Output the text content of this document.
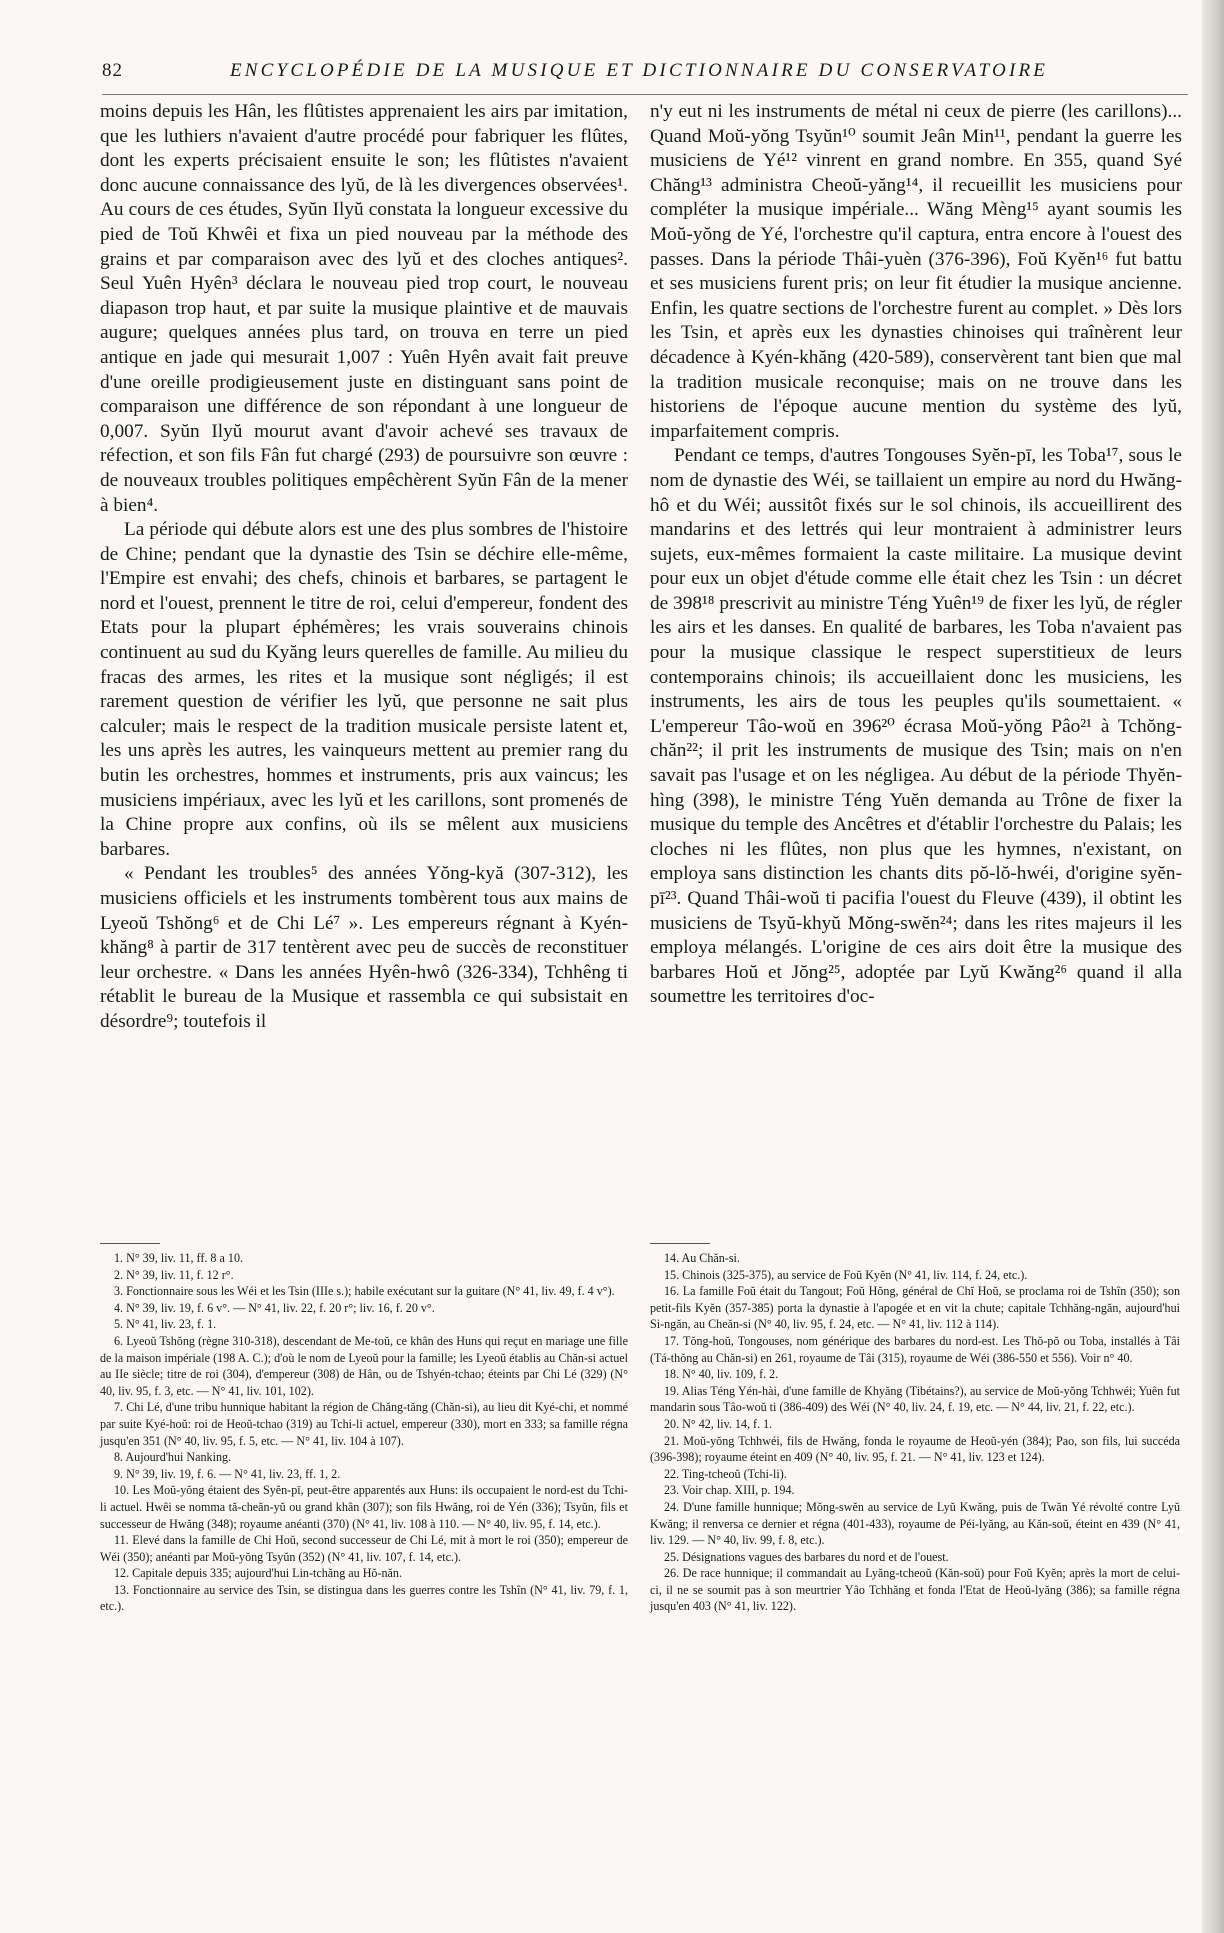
82	ENCYCLOPÉDIE DE LA MUSIQUE ET DICTIONNAIRE DU CONSERVATOIRE

moins depuis les Hân, les flûtistes apprenaient les airs par imitation, que les luthiers n'avaient d'autre procédé pour fabriquer les flûtes, dont les experts précisaient ensuite le son; les flûtistes n'avaient donc aucune connaissance des lyŭ, de là les divergences observées¹. Au cours de ces études, Syŭn Ilyŭ constata la longueur excessive du pied de Toŭ Khwêi et fixa un pied nouveau par la méthode des grains et par comparaison avec des lyŭ et des cloches antiques². Seul Yuên Hyên³ déclara le nouveau pied trop court, le nouveau diapason trop haut, et par suite la musique plaintive et de mauvais augure; quelques années plus tard, on trouva en terre un pied antique en jade qui mesurait 1,007 : Yuên Hyên avait fait preuve d'une oreille prodigieusement juste en distinguant sans point de comparaison une différence de son répondant à une longueur de 0,007. Syŭn Ilyŭ mourut avant d'avoir achevé ses travaux de réfection, et son fils Fân fut chargé (293) de poursuivre son œuvre : de nouveaux troubles politiques empêchèrent Syŭn Fân de la mener à bien⁴.

La période qui débute alors est une des plus sombres de l'histoire de Chine; pendant que la dynastie des Tsin se déchire elle-même, l'Empire est envahi; des chefs, chinois et barbares, se partagent le nord et l'ouest, prennent le titre de roi, celui d'empereur, fondent des Etats pour la plupart éphémères; les vrais souverains chinois continuent au sud du Kyăng leurs querelles de famille. Au milieu du fracas des armes, les rites et la musique sont négligés; il est rarement question de vérifier les lyŭ, que personne ne sait plus calculer; mais le respect de la tradition musicale persiste latent et, les uns après les autres, les vainqueurs mettent au premier rang du butin les orchestres, hommes et instruments, pris aux vaincus; les musiciens impériaux, avec les lyŭ et les carillons, sont promenés de la Chine propre aux confins, où ils se mêlent aux musiciens barbares.

« Pendant les troubles⁵ des années Yŏng-kyă (307-312), les musiciens officiels et les instruments tombèrent tous aux mains de Lyeoŭ Tshŏng⁶ et de Chi Lé⁷ ». Les empereurs régnant à Kyén-khăng⁸ à partir de 317 tentèrent avec peu de succès de reconstituer leur orchestre. « Dans les années Hyên-hwô (326-334), Tchhêng ti rétablit le bureau de la Musique et rassembla ce qui subsistait en désordre⁹; toutefois il

n'y eut ni les instruments de métal ni ceux de pierre (les carillons)... Quand Moŭ-yŏng Tsyŭn¹⁰ soumit Jeân Min¹¹, pendant la guerre les musiciens de Yé¹² vinrent en grand nombre. En 355, quand Syé Chăng¹³ administra Cheoŭ-yăng¹⁴, il recueillit les musiciens pour compléter la musique impériale... Wăng Mèng¹⁵ ayant soumis les Moŭ-yŏng de Yé, l'orchestre qu'il captura, entra encore à l'ouest des passes. Dans la période Thâi-yuèn (376-396), Foŭ Kyĕn¹⁶ fut battu et ses musiciens furent pris; on leur fit étudier la musique ancienne. Enfin, les quatre sections de l'orchestre furent au complet. » Dès lors les Tsin, et après eux les dynasties chinoises qui traînèrent leur décadence à Kyén-khăng (420-589), conservèrent tant bien que mal la tradition musicale reconquise; mais on ne trouve dans les historiens de l'époque aucune mention du système des lyŭ, imparfaitement compris.

Pendant ce temps, d'autres Tongouses Syĕn-pī, les Toba¹⁷, sous le nom de dynastie des Wéi, se taillaient un empire au nord du Hwăng-hô et du Wéi; aussitôt fixés sur le sol chinois, ils accueillirent des mandarins et des lettrés qui leur montraient à administrer leurs sujets, eux-mêmes formaient la caste militaire. La musique devint pour eux un objet d'étude comme elle était chez les Tsin : un décret de 398¹⁸ prescrivit au ministre Téng Yuên¹⁹ de fixer les lyŭ, de régler les airs et les danses. En qualité de barbares, les Toba n'avaient pas pour la musique classique le respect superstitieux de leurs contemporains chinois; ils accueillaient donc les musiciens, les instruments, les airs de tous les peuples qu'ils soumettaient. « L'empereur Tâo-woŭ en 396²⁰ écrasa Moŭ-yŏng Pâo²¹ à Tchŏng-chăn²²; il prit les instruments de musique des Tsin; mais on n'en savait pas l'usage et on les négligea. Au début de la période Thyĕn-hìng (398), le ministre Téng Yuĕn demanda au Trône de fixer la musique du temple des Ancêtres et d'établir l'orchestre du Palais; les cloches ni les flûtes, non plus que les hymnes, n'existant, on employa sans distinction les chants dits pŏ-lŏ-hwéi, d'origine syĕn-pī²³. Quand Thâi-woŭ ti pacifia l'ouest du Fleuve (439), il obtint les musiciens de Tsyŭ-khyŭ Mŏng-swĕn²⁴; dans les rites majeurs il les employa mélangés. L'origine de ces airs doit être la musique des barbares Hoŭ et Jŏng²⁵, adoptée par Lyŭ Kwăng²⁶ quand il alla soumettre les territoires d'oc-

1. N° 39, liv. 11, ff. 8 a 10.

2. N° 39, liv. 11, f. 12 r°.

3. Fonctionnaire sous les Wéi et les Tsin (IIIe s.); habile exécutant sur la guitare (N° 41, liv. 49, f. 4 v°).

4. N° 39, liv. 19, f. 6 v°. — N° 41, liv. 22, f. 20 r°; liv. 16, f. 20 v°.

5. N° 41, liv. 23, f. 1.

6. Lyeoŭ Tshŏng (règne 310-318), descendant de Me-toŭ, ce khân des Huns qui reçut en mariage une fille de la maison impériale (198 A. C.); d'où le nom de Lyeoŭ pour la famille; les Lyeoŭ établis au Chăn-si actuel au IIe siècle; titre de roi (304), d'empereur (308) de Hân, ou de Tshyén-tchao; éteints par Chi Lé (329) (N° 40, liv. 95, f. 3, etc. — N° 41, liv. 101, 102).

7. Chi Lé, d'une tribu hunnique habitant la région de Chăng-tăng (Chăn-si), au lieu dit Kyé-chi, et nommé par suite Kyé-hoŭ: roi de Heoŭ-tchao (319) au Tchi-li actuel, empereur (330), mort en 333; sa famille régna jusqu'en 351 (N° 40, liv. 95, f. 5, etc. — N° 41, liv. 104 à 107).

8. Aujourd'hui Nanking.

9. N° 39, liv. 19, f. 6. — N° 41, liv. 23, ff. 1, 2.

10. Les Moŭ-yŏng étaient des Syĕn-pī, peut-être apparentés aux Huns: ils occupaient le nord-est du Tchi-li actuel. Hwêi se nomma tă-cheăn-yŭ ou grand khân (307); son fils Hwăng, roi de Yén (336); Tsyŭn, fils et successeur de Hwăng (348); royaume anéanti (370) (N° 41, liv. 108 à 110. — N° 40, liv. 95, f. 14, etc.).

11. Elevé dans la famille de Chi Hoŭ, second successeur de Chi Lé, mit à mort le roi (350); empereur de Wéi (350); anéanti par Moŭ-yŏng Tsyŭn (352) (N° 41, liv. 107, f. 14, etc.).

12. Capitale depuis 335; aujourd'hui Lin-tchăng au Hŏ-năn.

13. Fonctionnaire au service des Tsin, se distingua dans les guerres contre les Tshîn (N° 41, liv. 79, f. 1, etc.).

14. Au Chăn-si.

15. Chinois (325-375), au service de Foŭ Kyĕn (N° 41, liv. 114, f. 24, etc.).

16. La famille Foŭ était du Tangout; Foŭ Hŏng, général de Chĭ Hoŭ, se proclama roi de Tshîn (350); son petit-fils Kyĕn (357-385) porta la dynastie à l'apogée et en vit la chute; capitale Tchhăng-ngăn, aujourd'hui Si-ngăn, au Cheăn-si (N° 40, liv. 95, f. 24, etc. — N° 41, liv. 112 à 114).

17. Tŏng-hoŭ, Tongouses, nom générique des barbares du nord-est. Les Thŏ-pŏ ou Toba, installés à Tâi (Tá-thŏng au Chăn-si) en 261, royaume de Tâi (315), royaume de Wéi (386-550 et 556). Voir n° 40.

18. N° 40, liv. 109, f. 2.

19. Alias Téng Yén-hài, d'une famille de Khyăng (Tibétains?), au service de Moŭ-yŏng Tchhwéi; Yuên fut mandarin sous Tâo-woŭ ti (386-409) des Wéi (N° 40, liv. 24, f. 19, etc. — N° 44, liv. 21, f. 22, etc.).

20. N° 42, liv. 14, f. 1.

21. Moŭ-yŏng Tchhwéi, fils de Hwăng, fonda le royaume de Heoŭ-yén (384); Pao, son fils, lui succéda (396-398); royaume éteint en 409 (N° 40, liv. 95, f. 21. — N° 41, liv. 123 et 124).

22. Ting-tcheoŭ (Tchi-li).

23. Voir chap. XIII, p. 194.

24. D'une famille hunnique; Mŏng-swĕn au service de Lyŭ Kwăng, puis de Twăn Yé révolté contre Lyŭ Kwăng; il renversa ce dernier et régna (401-433), royaume de Péi-lyăng, au Kăn-soŭ, éteint en 439 (N° 41, liv. 129. — N° 40, liv. 99, f. 8, etc.).

25. Désignations vagues des barbares du nord et de l'ouest.

26. De race hunnique; il commandait au Lyăng-tcheoŭ (Kăn-soŭ) pour Foŭ Kyĕn; après la mort de celui-ci, il ne se soumit pas à son meurtrier Yâo Tchhăng et fonda l'Etat de Heoŭ-lyăng (386); sa famille régna jusqu'en 403 (N° 41, liv. 122).
